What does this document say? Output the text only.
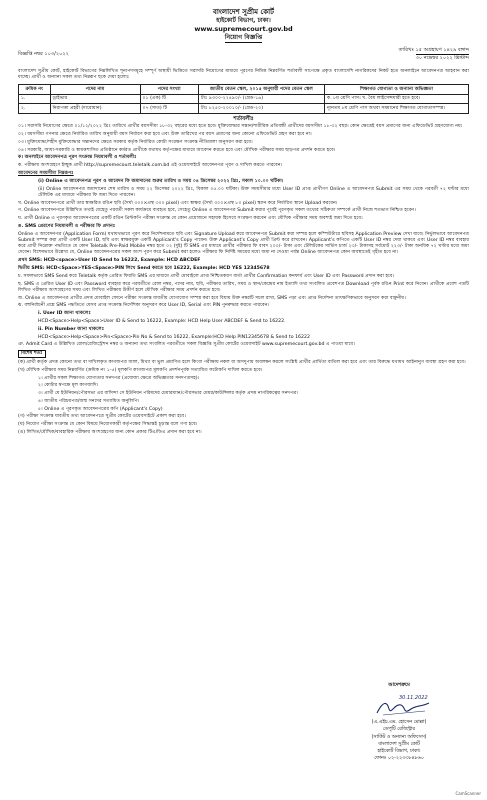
বাংলাদেশ সুপ্রীম কোর্ট
হাইকোর্ট বিভাগ, ঢাকা।
www.supremecourt.gov.bd
নিয়োগ বিজ্ঞপ্তি
বিজ্ঞপ্তি নম্বর ১০৩/২০২২
তারিখঃ ১৫ অগ্রহায়ণ ১৪২৯ বঙ্গাব্দ
৩০ নভেম্বর ২০২২ খ্রিস্টাব্দ

বাংলাদেশ সুপ্রীম কোর্ট, হাইকোর্ট বিভাগের নিম্নলিখিত শূন্যপদসমূহে সম্পূর্ণ অস্থায়ী ভিত্তিতে সরাসরি নিয়োগের মাধ্যমে পূরণের নিমিত্ত নিম্নবর্ণিত শর্তাবলী সাপেক্ষে প্রকৃত বাংলাদেশি নাগরিকদের নিকট হতে অনলাইনে আবেদনপত্র আহবান করা যাচ্ছে। প্রার্থী ও অন্যান্য সকল তথ্য নিম্নরূপ ছকে দেয়া হলোঃ

ক্রমিক নং	পদের নাম	পদের সংখ্যা	জাতীয় বেতন স্কেল, ২০১৫ অনুযায়ী পদের বেতন স্কেল	শিক্ষাগত যোগ্যতা ও অন্যান্য অভিজ্ঞতা
১.	ড্রাইভার	০১ (এক) টি	টাঃ ৯৩০০-২২৪৯০/- (গ্রেড-১৬)	ক. ৮ম শ্রেণি পাস। খ. বৈধ লাইসেন্সধারী হতে হবে।
২.	নিরাপত্তা প্রহরী (দারোয়ান)	০৭ (সাত) টি	টাঃ ৮২৫০-২০০১০/- (গ্রেড-২০)	ন্যূনতম ৮ম শ্রেণি পাস অথবা সমমানের শিক্ষাগত যোগ্যতাসম্পন্ন।
শর্তাবলীঃ

০১। সরাসরি নিয়োগের ক্ষেত্রে ০১/১২/২০২২ খ্রিঃ তারিখে প্রার্থীর বয়সসীমা ১৮-৩২ বছরের মধ্যে হতে হবে। মুক্তিযোদ্ধার সন্তান/শারীরিক প্রতিবন্ধী প্রার্থীদের বয়সসীমা ১৮-৩২ বছর। কোন ক্ষেত্রেই বয়স প্রমাণের জন্য এফিডেভিট গ্রহণযোগ্য নয়।

০২। বয়সসীমা গণনার ক্ষেত্রে নির্ধারিত তারিখ অনুযায়ী বয়স নির্ধারণ করা হবে এবং উক্ত তারিখের পর বয়স প্রমাণের জন্য কোনো এফিডেভিট গ্রহণ করা হবে না।

০৩। মুক্তিযোদ্ধা/শহীদ মুক্তিযোদ্ধার সন্তানদের ক্ষেত্রে সরকার কর্তৃক নির্ধারিত কোটা সংরক্ষণ সংক্রান্ত নীতিমালা অনুসরণ করা হবে।

০৪। সরকারি, আধা-সরকারি ও স্বায়ত্তশাসিত প্রতিষ্ঠানে কর্মরত প্রার্থীকে যথাযথ কর্তৃপক্ষের মাধ্যমে আবেদন করতে হবে এবং মৌখিক পরীক্ষার সময় ছাড়পত্র প্রদর্শন করতে হবে।

ক। অনলাইনে আবেদনপত্র পূরণ সংক্রান্ত নিয়মাবলী ও শর্তাবলীঃ

ক. পরীক্ষায় অংশগ্রহণে ইচ্ছুক প্রার্থী http://supremecourt.teletalk.com.bd এই ওয়েবসাইটে আবেদনপত্র পূরণ ও দাখিল করতে পারবেন।

আবেদনের সময়সীমা নিম্নরূপঃ

(i) Online এ আবেদনপত্র পূরণ ও আবেদন ফি জমাদানের শুরুর তারিখ ও সময় ০৪ ডিসেম্বর ২০২২ খ্রিঃ, সকাল ১০.০০ ঘটিকা।

(ii) Online আবেদনপত্র জমাদানের শেষ তারিখ ও সময় ২২ ডিসেম্বর ২০২২ খ্রিঃ, বিকাল ০৫.০০ ঘটিকা। উক্ত সময়সীমার মধ্যে User ID প্রাপ্ত প্রার্থীগণ Online এ আবেদনপত্র Submit এর সময় থেকে পরবর্তী ৭২ ঘণ্টার মধ্যে টেলিটক এর মাধ্যমে পরীক্ষার ফি জমা দিতে পারবেন।

খ. Online আবেদনপত্রে প্রার্থী তার স্বাক্ষরিত রঙিন ছবি (দৈর্ঘ্য ৩০০×প্রস্থ ৩০০ pixel) এবং স্বাক্ষর (দৈর্ঘ্য ৩০০×প্রস্থ ৮০ pixel) স্ক্যান করে নির্ধারিত স্থানে Upload করবেন।

গ. Online আবেদনপত্রে উল্লিখিত তথ্যই যেহেতু পরবর্তী সকল কার্যক্রমে ব্যবহৃত হবে, সেহেতু Online এ আবেদনপত্র Submit করার পূর্বেই পূরণকৃত সকল তথ্যের সঠিকতা সম্পর্কে প্রার্থী নিজে শতভাগ নিশ্চিত হবেন।

ঘ. প্রার্থী Online এ পূরণকৃত আবেদনপত্রের একটি রঙিন প্রিন্টকপি পরীক্ষা সংক্রান্ত যে কোন প্রয়োজনে সহায়ক হিসেবে সংরক্ষণ করবেন এবং মৌখিক পরীক্ষার সময় অবশ্যই জমা দিতে হবে।

ঙ. SMS প্রেরণের নিয়মাবলী ও পরীক্ষার ফি প্রদানঃ

Online এ আবেদনপত্র (Application Form) যথাযথভাবে পূরণ করে নির্দেশনামতে ছবি এবং Signature Upload করে আবেদনপত্র Submit করা সম্পন্ন হলে কম্পিউটারে ছবিসহ Application Preview দেখা যাবে। নির্ভুলভাবে আবেদনপত্র Submit সম্পন্ন করা প্রার্থী একটি User ID, ছবি এবং স্বাক্ষরযুক্ত একটি Applicant's Copy পাবেন। উক্ত Applicant's Copy প্রার্থী প্রিন্ট করে রাখবেন। Applicant's কপিতে একটি User ID নম্বর দেয়া থাকবে এবং User ID নম্বর ব্যবহার করে প্রার্থী নিম্নোক্ত পদ্ধতিতে যে কোন Teletalk Pre-Paid Mobile নম্বর হতে ০২ (দুই) টি SMS এর মাধ্যমে প্রার্থীর পরীক্ষার ফি বাবদ ২০০/- টাকা এবং টেলিটকের সার্ভিস চার্জ ২৩/- টাকাসহ সর্বমোট ২২৩/- টাকা অনধিক ৭২ ঘণ্টার মধ্যে জমা দেবেন। বিশেষভাবে উল্লেখ্য যে, Online আবেদনপত্রের সকল অংশ পূরণ করে Submit করা হলেও পরীক্ষার ফি নির্দিষ্ট সময়ের মধ্যে জমা না দেওয়া পর্যন্ত Online আবেদনপত্র কোন অবস্থাতেই গৃহীত হবে না।

প্রথম SMS: HCD<space>User ID Send to 16222, Example: HCD ABCDEF

দ্বিতীয় SMS: HCD<Space>YES<Space>PIN লিখে Send করতে হবে 16222, Example: HCD YES 12345678

চ. সফলভাবে SMS Send করে Teletalk কর্তৃক প্রেরিত ফিরতি SMS এর মাধ্যমে প্রার্থী মোবাইলে প্রাপ্ত নিশ্চিতকরণ বার্তা প্রার্থীর Confirmation কনফার্ম এবং User ID এবং Password প্রদান করা হবে।

ছ. SMS এ প্রেরিত User ID এবং Password ব্যবহার করে পরবর্তীতে রোল নম্বর, পদের নাম, ছবি, পরীক্ষার তারিখ, সময় ও স্থান/কেন্দ্রের নাম ইত্যাদি তথ্য সংবলিত প্রবেশপত্র Download পূর্বক রঙিন Print করে নিবেন। প্রার্থীকে প্রবেশ পত্রটি লিখিত পরীক্ষায় অংশগ্রহণের সময় এবং লিখিত পরীক্ষায় উত্তীর্ণ হলে মৌখিক পরীক্ষার সময় প্রদর্শন করতে হবে।

জ. Online এ আবেদনপত্র প্রার্থীর প্রদত্ত মোবাইল ফোনে পরীক্ষা সংক্রান্ত যাবতীয় যোগাযোগ সম্পন্ন করা হবে বিধায় উক্ত নম্বরটি সচল রাখা, SMS পড়া এবং প্রাপ্ত নির্দেশনা তাৎক্ষণিকভাবে অনুসরণ করা বাঞ্ছনীয়।

ঝ. বহুনির্বাচনী প্রশ্নে SMS পদ্ধতিতে যেসব প্রাপ্ত সংক্রান্ত নির্দেশিকা অনুসরণ করে User ID, Serial এবং PIN পুনরুদ্ধার করতে পারবেন।

i. User ID জানা থাকলেঃ

HCD<Space>Help<Space>User ID & Send to 16222, Example: HCD Help User ABCDEF & Send to 16222.

ii. Pin Number জানা থাকলেঃ

HCD<Space>Help<Space>Pin<Space>Pin No & Send to 16222, Example:HCD Help PIN12345678 & Send to 16222

ঞ. Admit Card এ উল্লিখিত রোল/রেজিস্ট্রেশন নম্বর ও অন্যান্য তথ্য সংবলিত পরবর্তীতে সকল বিজ্ঞপ্তি সুপ্রীম কোর্টের ওয়েবসাইট www.supremecourt.gov.bd এ পাওয়া যাবে।

বিশেষ শর্তঃ

(ক) প্রার্থী কর্তৃক প্রদত্ত কোনো তথ্য বা দাখিলকৃত কাগজপত্র জাল, মিথ্যা বা ভুল প্রমাণিত হলে কিংবা পরীক্ষায় নকল বা অসদুপায় অবলম্বন করলে সংশ্লিষ্ট প্রার্থীর প্রার্থিতা বাতিল করা হবে এবং তার বিরুদ্ধে যথাযথ আইনানুগ ব্যবস্থা গ্রহণ করা হবে।

(খ) মৌখিক পরীক্ষার সময় নিম্নবর্ণিত (ক্রমিক নং ১-৫) মূলকপি কাগজপত্র মূলকপি প্রদর্শনপূর্বক সত্যায়িত ফটোকপি দাখিল করতে হবে।

১। প্রার্থীর সকল শিক্ষাগত যোগ্যতার সনদপত্র (প্রযোজ্য ক্ষেত্রে অভিজ্ঞতার সনদপত্রসহ)।

২। কোটার স্বপক্ষে মূল কাগজাদি।

৩। প্রার্থী যে ইউনিয়ন/পৌরসভা এর বাসিন্দা সে ইউনিয়ন পরিষদের চেয়ারম্যান/পৌরসভার মেয়র/কাউন্সিলর কর্তৃক প্রদত্ত নাগরিকত্বের সনদপত্র।

৪। জাতীয় পরিচয়পত্র/জন্ম সনদের সত্যায়িত অনুলিপি।

৫। Online এ পূরণকৃত আবেদনপত্রের কপি (Applicant's Copy)

(গ) পরীক্ষা সংক্রান্ত যাবতীয় তথ্য আবেদনপত্রে সুপ্রীম কোর্টের ওয়েবসাইটে প্রকাশ করা হবে।

(ঘ) নিয়োগ পরীক্ষা সংক্রান্ত যে কোন বিষয়ে নিয়োগকারী কর্তৃপক্ষের সিদ্ধান্তই চূড়ান্ত বলে গণ্য হবে।

(ঙ) লিখিত/মৌখিক/ব্যবহারিক পরীক্ষায় অংশগ্রহণের জন্য কোন প্রকার টিএ/ডিএ প্রদান করা হবে না।

আদেশক্রমে
30.11.2022
(এ.এইচ.এম. হোসেন মোল্লা)
ডেপুটি রেজিস্ট্রার
(সার্কিট ও অন্যান্য অফিসেস)
বাংলাদেশ সুপ্রীম কোর্ট
হাইকোর্ট বিভাগ, ঢাকা।
ফোনঃ ০২-২২৩৩৮৪৮৬০
CamScanner
